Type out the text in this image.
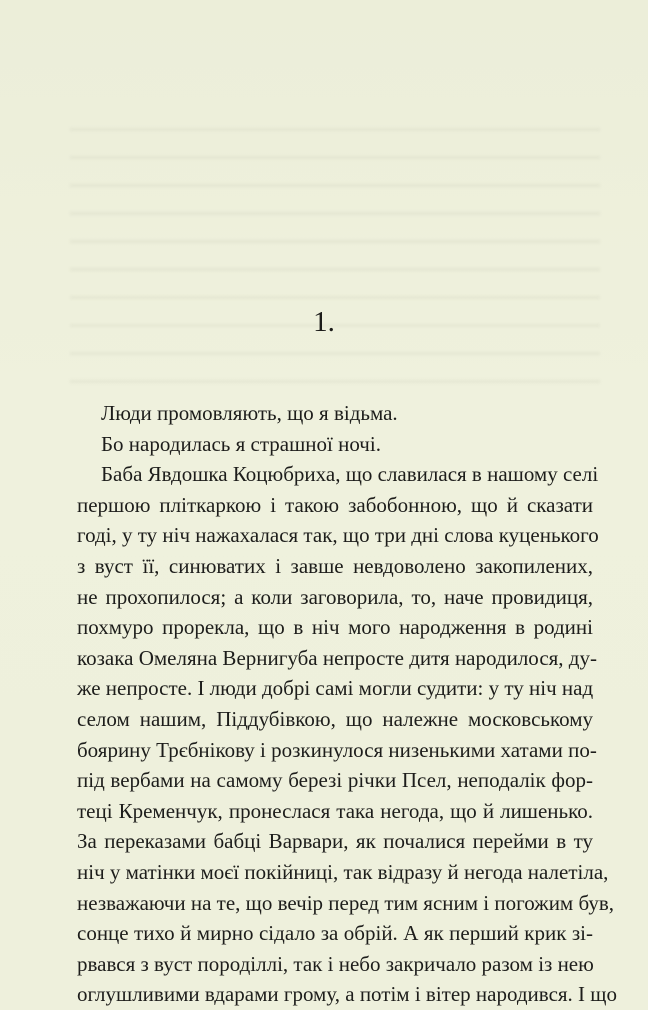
1.
Люди промовляють, що я відьма.
Бо народилась я страшної ночі.
Баба Явдошка Коцюбриха, що славилася в нашому селі
першою пліткаркою і такою забобонною, що й сказати
годі, у ту ніч нажахалася так, що три дні слова куценького
з вуст її, синюватих і завше невдоволено закопилених,
не прохопилося; а коли заговорила, то, наче провидиця,
похмуро прорекла, що в ніч мого народження в родині
козака Омеляна Вернигуба непросте дитя народилося, ду-
же непросте. І люди добрі самі могли судити: у ту ніч над
селом нашим, Піддубівкою, що належне московському
боярину Трєбнікову і розкинулося низенькими хатами по-
під вербами на самому березі річки Псел, неподалік фор-
теці Кременчук, пронеслася така негода, що й лишенько.
За переказами бабці Варвари, як почалися перейми в ту
ніч у матінки моєї покійниці, так відразу й негода налетіла,
незважаючи на те, що вечір перед тим ясним і погожим був,
сонце тихо й мирно сідало за обрій. А як перший крик зі-
рвався з вуст породіллі, так і небо закричало разом із нею
оглушливими вдарами грому, а потім і вітер народився. І що
